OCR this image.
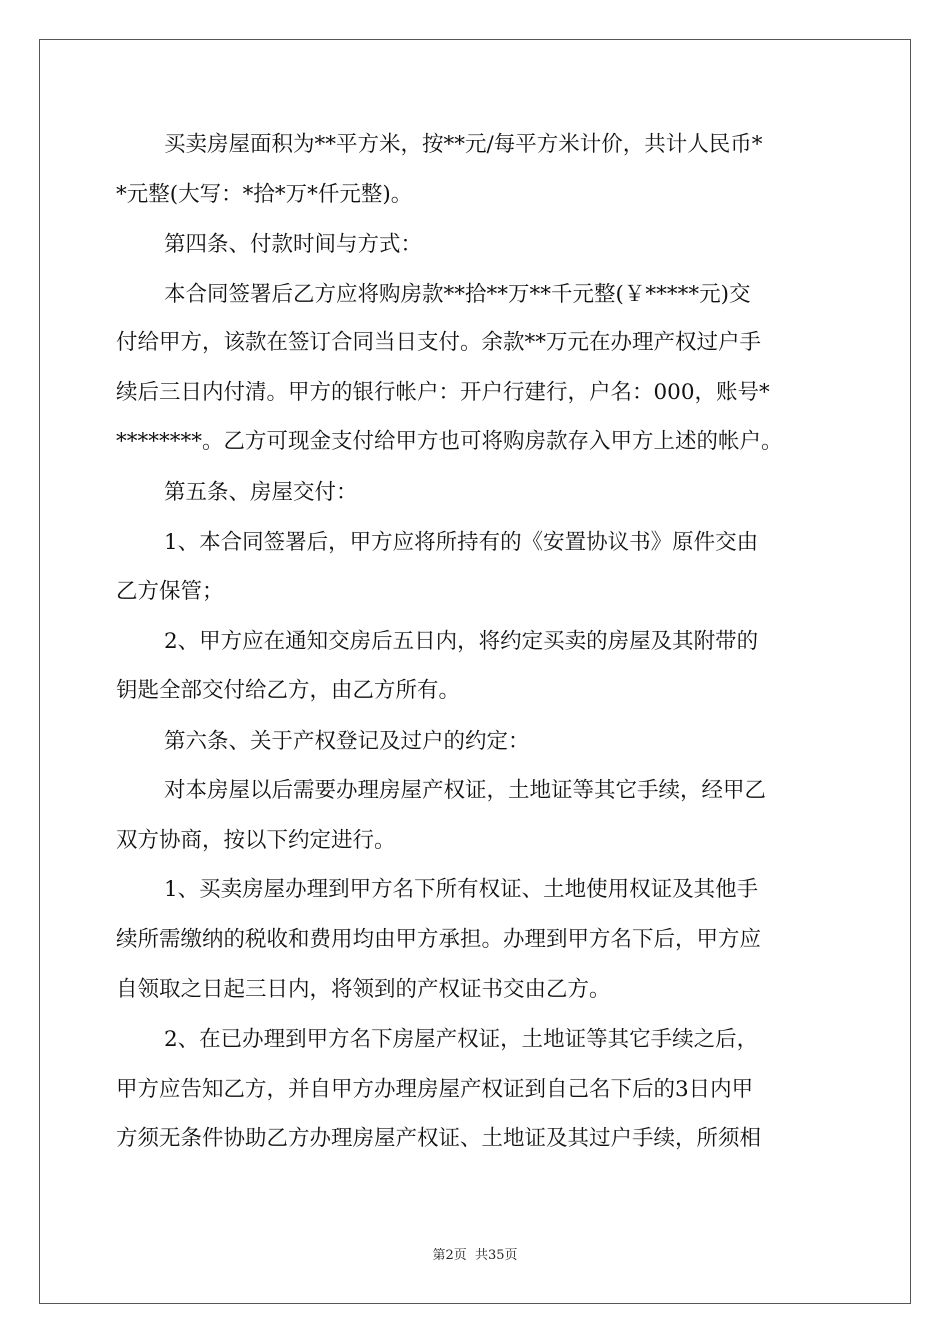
买卖房屋面积为**平方米，按**元/每平方米计价，共计人民币*
*元整(大写：*拾*万*仟元整)。
第四条、付款时间与方式：
本合同签署后乙方应将购房款**拾**万**千元整(￥*****元)交
付给甲方，该款在签订合同当日支付。余款**万元在办理产权过户手
续后三日内付清。甲方的银行帐户：开户行建行，户名：000，账号*
********。乙方可现金支付给甲方也可将购房款存入甲方上述的帐户。
第五条、房屋交付：
1、本合同签署后，甲方应将所持有的《安置协议书》原件交由
乙方保管；
2、甲方应在通知交房后五日内，将约定买卖的房屋及其附带的
钥匙全部交付给乙方，由乙方所有。
第六条、关于产权登记及过户的约定：
对本房屋以后需要办理房屋产权证，土地证等其它手续，经甲乙
双方协商，按以下约定进行。
1、买卖房屋办理到甲方名下所有权证、土地使用权证及其他手
续所需缴纳的税收和费用均由甲方承担。办理到甲方名下后，甲方应
自领取之日起三日内，将领到的产权证书交由乙方。
2、在已办理到甲方名下房屋产权证，土地证等其它手续之后，
甲方应告知乙方，并自甲方办理房屋产权证到自己名下后的3日内甲
方须无条件协助乙方办理房屋产权证、土地证及其过户手续，所须相
第2页 共35页
